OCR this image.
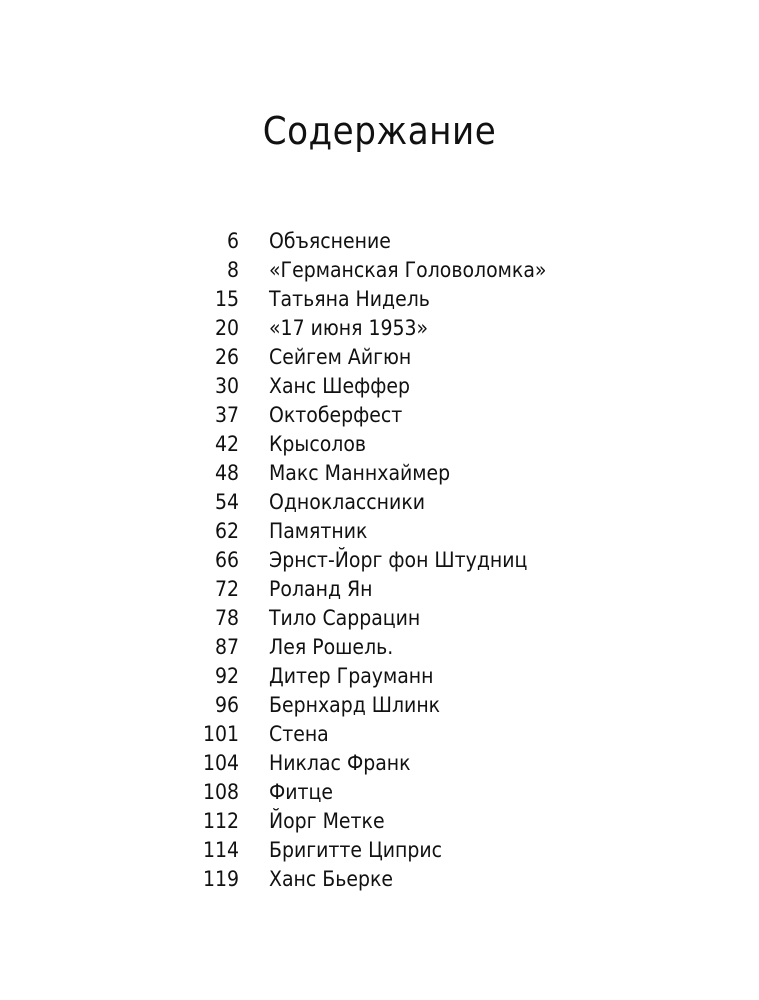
Содержание
6 Объяснение
8 «Германская Головоломка»
15 Татьяна Нидель
20 «17 июня 1953»
26 Сейгем Айгюн
30 Ханс Шеффер
37 Октоберфест
42 Крысолов
48 Макс Маннхаймер
54 Одноклассники
62 Памятник
66 Эрнст-Йорг фон Штудниц
72 Роланд Ян
78 Тило Саррацин
87 Лея Рошель.
92 Дитер Грауманн
96 Бернхард Шлинк
101 Стена
104 Никлас Франк
108 Фитце
112 Йорг Метке
114 Бригитте Циприс
119 Ханс Бьерке
